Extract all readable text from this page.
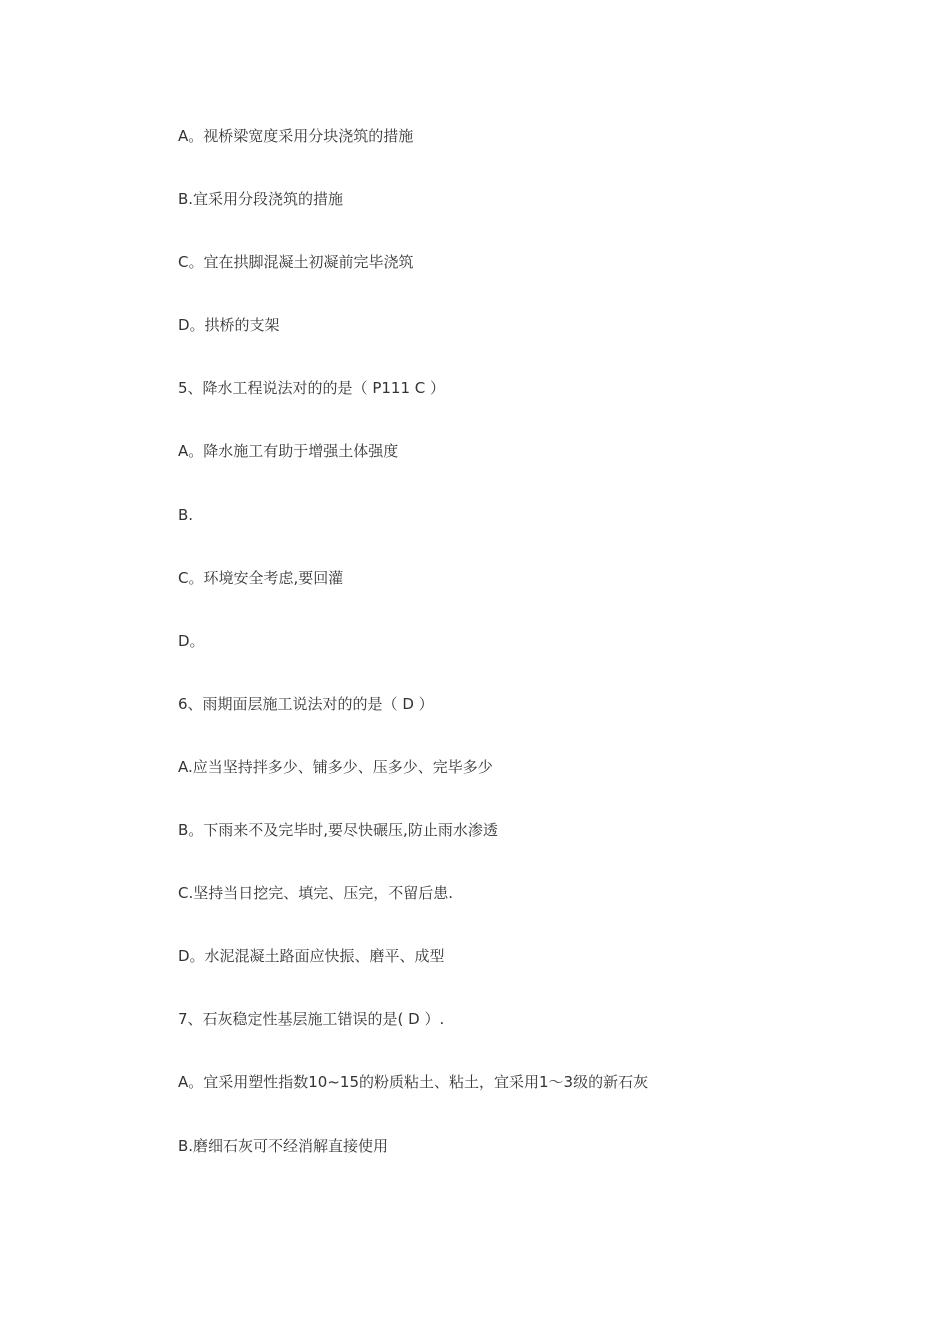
A。视桥梁宽度采用分块浇筑的措施
B.宜采用分段浇筑的措施
C。宜在拱脚混凝土初凝前完毕浇筑
D。拱桥的支架
5、降水工程说法对的的是（ P111 C ）
A。降水施工有助于增强土体强度
B.
C。环境安全考虑,要回灌
D。
6、雨期面层施工说法对的的是（ D ）
A.应当坚持拌多少、铺多少、压多少、完毕多少
B。下雨来不及完毕时,要尽快碾压,防止雨水渗透
C.坚持当日挖完、填完、压完，不留后患.
D。水泥混凝土路面应快振、磨平、成型
7、石灰稳定性基层施工错误的是( D ）.
A。宜采用塑性指数10~15的粉质粘土、粘土，宜采用1～3级的新石灰
B.磨细石灰可不经消解直接使用
